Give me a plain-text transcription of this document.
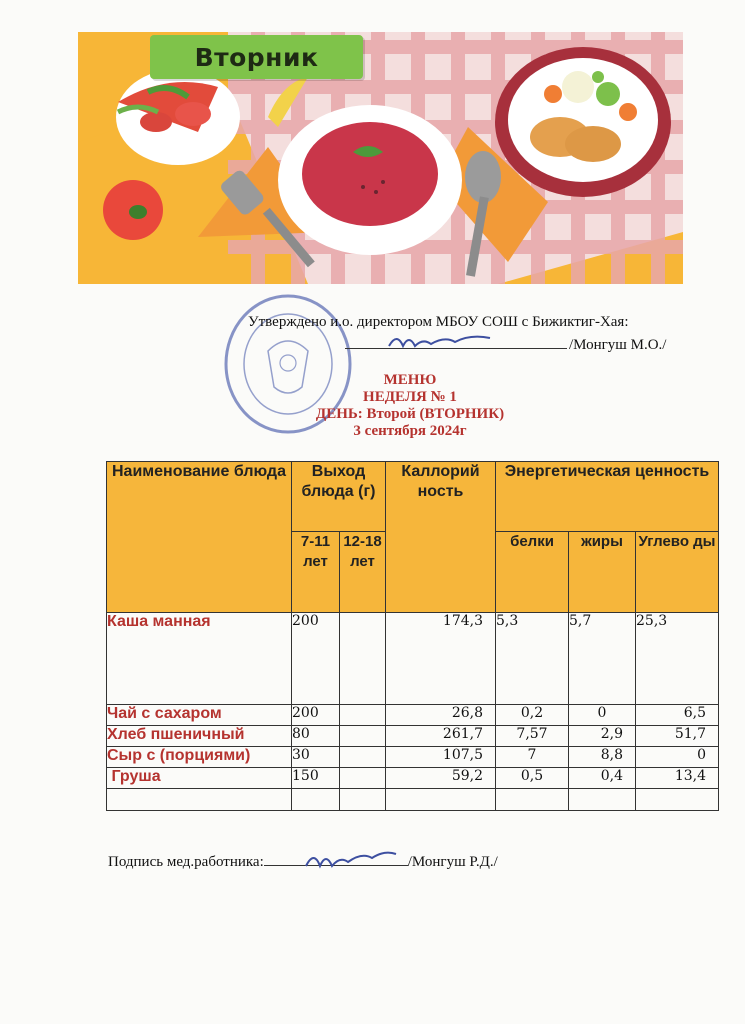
Вторник
Утверждено и.о. директором МБОУ СОШ с Бижиктиг-Хая:
/Монгуш М.О./
МЕНЮ
НЕДЕЛЯ № 1
ДЕНЬ: Второй (ВТОРНИК)
3 сентября 2024г
Наименование блюда	Выход блюда (г)		Каллорий ность	Энергетическая ценность		
	7-11 лет	12-18 лет		белки	жиры	Углево ды
Каша манная	200		174,3	5,3	5,7	25,3
Чай с сахаром	200		26,8	0,2	0	6,5
Хлеб пшеничный	80		261,7	7,57	2,9	51,7
Сыр с (порциями)	30		107,5	7	8,8	0
Груша	150		59,2	0,5	0,4	13,4

Подпись мед.работника:	/Монгуш Р.Д./
